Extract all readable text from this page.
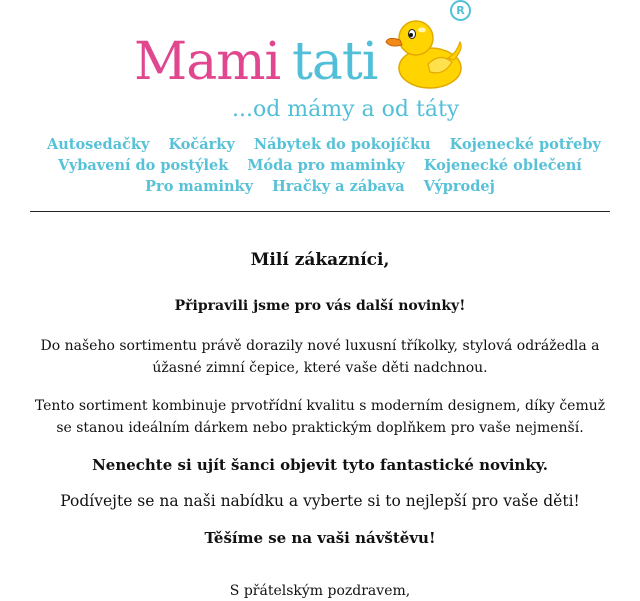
Mami tati
...od mámy a od táty
R
Autosedačky Kočárky Nábytek do pokojíčku Kojenecké potřeby
Vybavení do postýlek Móda pro maminky Kojenecké oblečení
Pro maminky Hračky a zábava Výprodej

Milí zákazníci,

Připravili jsme pro vás další novinky!

Do našeho sortimentu právě dorazily nové luxusní tříkolky, stylová odrážedla a úžasné zimní čepice, které vaše děti nadchnou.

Tento sortiment kombinuje prvotřídní kvalitu s moderním designem, díky čemuž se stanou ideálním dárkem nebo praktickým doplňkem pro vaše nejmenší.

Nenechte si ujít šanci objevit tyto fantastické novinky.

Podívejte se na naši nabídku a vyberte si to nejlepší pro vaše děti!

Těšíme se na vaši návštěvu!

S přátelským pozdravem,
